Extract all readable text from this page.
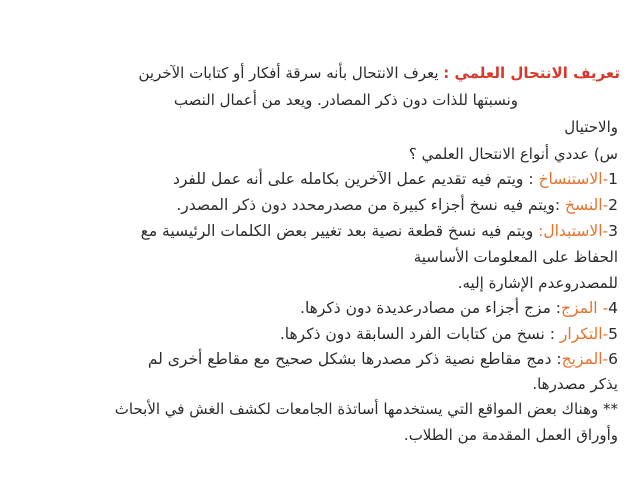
تعريف الانتحال العلمي : يعرف الانتحال بأنه سرقة أفكار أو كتابات الآخرين
ونسبتها للذات دون ذكر المصادر. ويعد من أعمال النصب
والاحتيال
س) عددي أنواع الانتحال العلمي ؟
1-الاستنساخ : ويتم فيه تقديم عمل الآخرين بكامله على أنه عمل للفرد
2-النسخ :ويتم فيه نسخ أجزاء كبيرة من مصدرمحدد دون ذكر المصدر.
3-الاستبدال: ويتم فيه نسخ قطعة نصية بعد تغيير بعض الكلمات الرئيسية مع
الحفاظ على المعلومات الأساسية
للمصدروعدم الإشارة إليه.
4- المزج: مزج أجزاء من مصادرعديدة دون ذكرها.
5-التكرار : نسخ من كتابات الفرد السابقة دون ذكرها.
6-المزيج: دمج مقاطع نصية ذكر مصدرها بشكل صحيح مع مقاطع أخرى لم
يذكر مصدرها.
** وهناك بعض المواقع التي يستخدمها أساتذة الجامعات لكشف الغش في الأبحاث
وأوراق العمل المقدمة من الطلاب.
